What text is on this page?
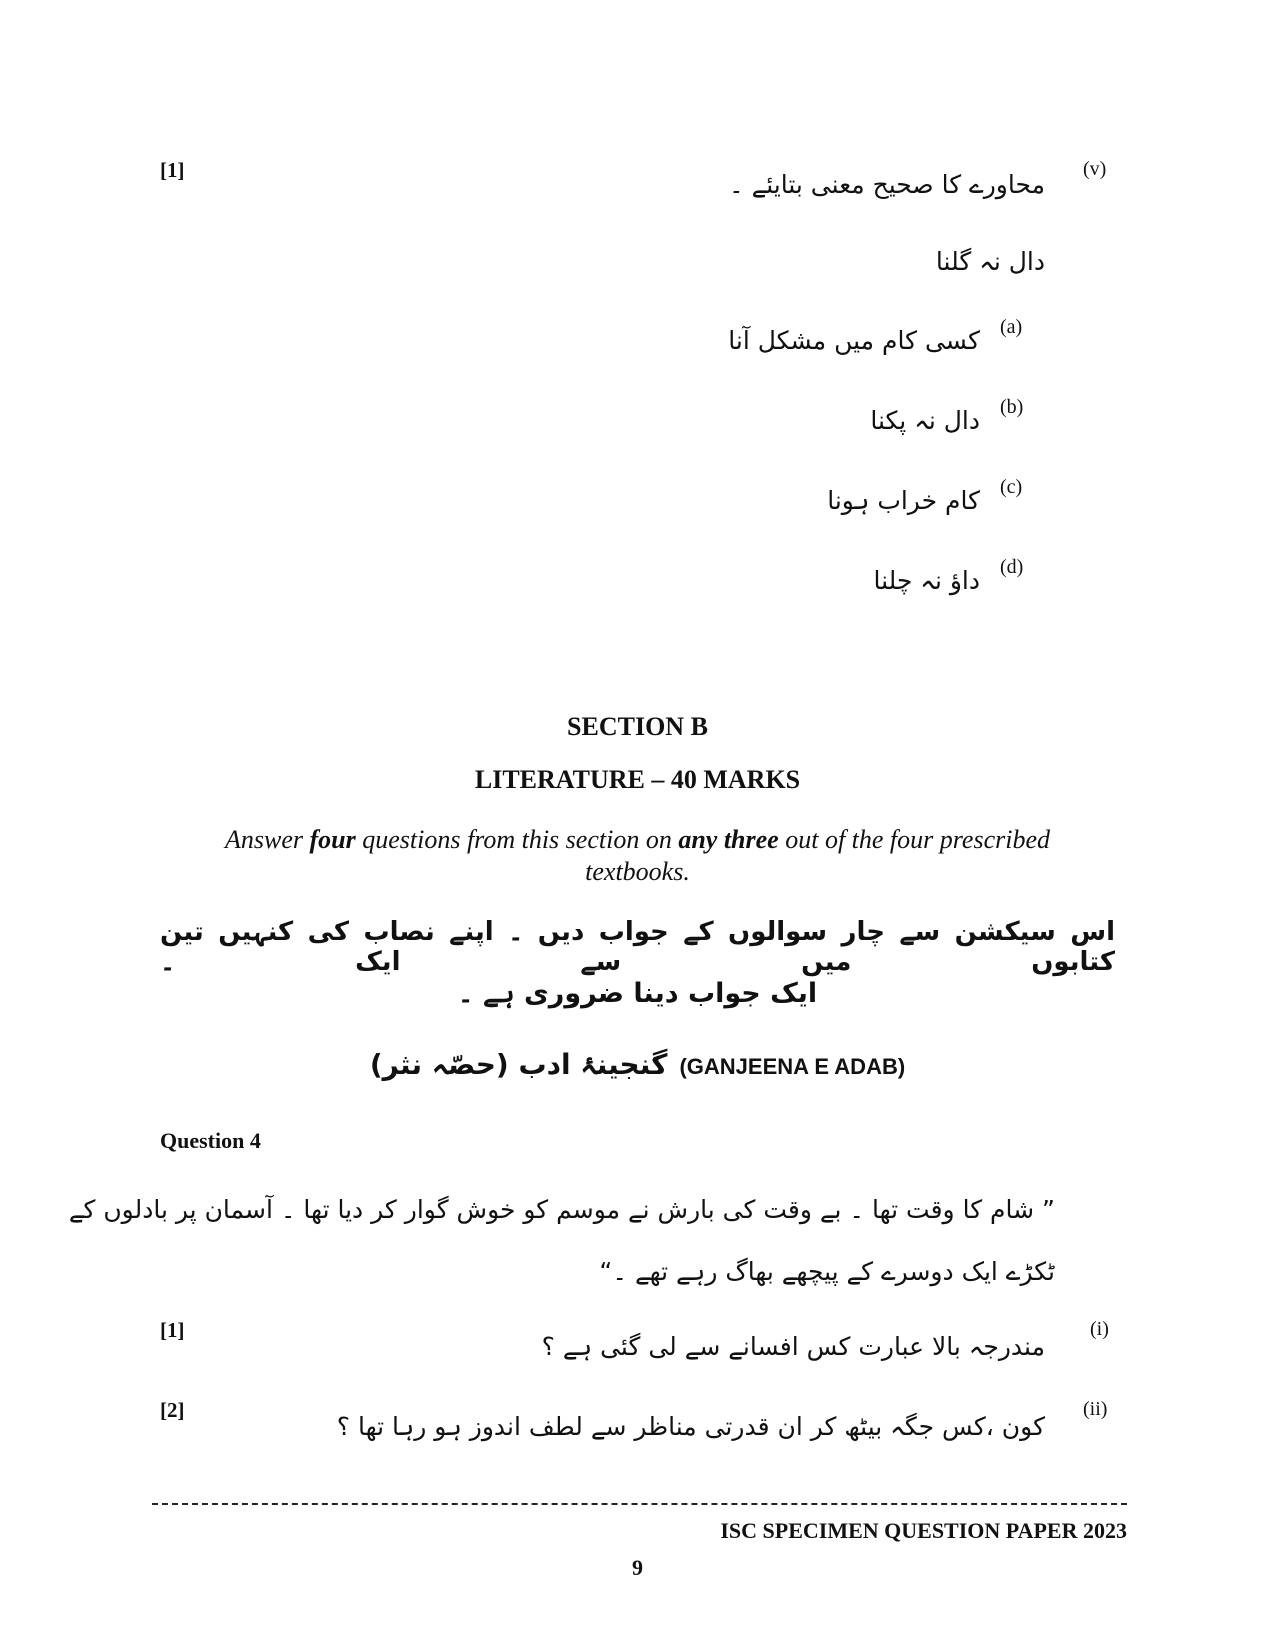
[1]	(v)
محاورے کا صحیح معنی بتایئے ۔
دال نہ گلنا
(a)
کسی کام میں مشکل آنا
(b)
دال نہ پکنا
(c)
کام خراب ہونا
(d)
داؤ نہ چلنا
SECTION B
LITERATURE – 40 MARKS
Answer four questions from this section on any three out of the four prescribed
textbooks.
اس سیکشن سے چار سوالوں کے جواب دیں ۔ اپنے نصاب کی کنہیں تین کتابوں میں سے ایک ۔
ایک جواب دینا ضروری ہے ۔
گنجینۂ ادب (حصّہ نثر) (GANJEENA E ADAB)
Question 4
” شام کا وقت تھا ۔ بے وقت کی بارش نے موسم کو خوش گوار کر دیا تھا ۔ آسمان پر بادلوں کے
ٹکڑے ایک دوسرے کے پیچھے بھاگ رہے تھے ۔“
[1]	(i)
مندرجہ بالا عبارت کس افسانے سے لی گئی ہے ؟
[2]	(ii)
کون ،کس جگہ بیٹھ کر ان قدرتی مناظر سے لطف اندوز ہو رہا تھا ؟
ISC SPECIMEN QUESTION PAPER 2023
9
